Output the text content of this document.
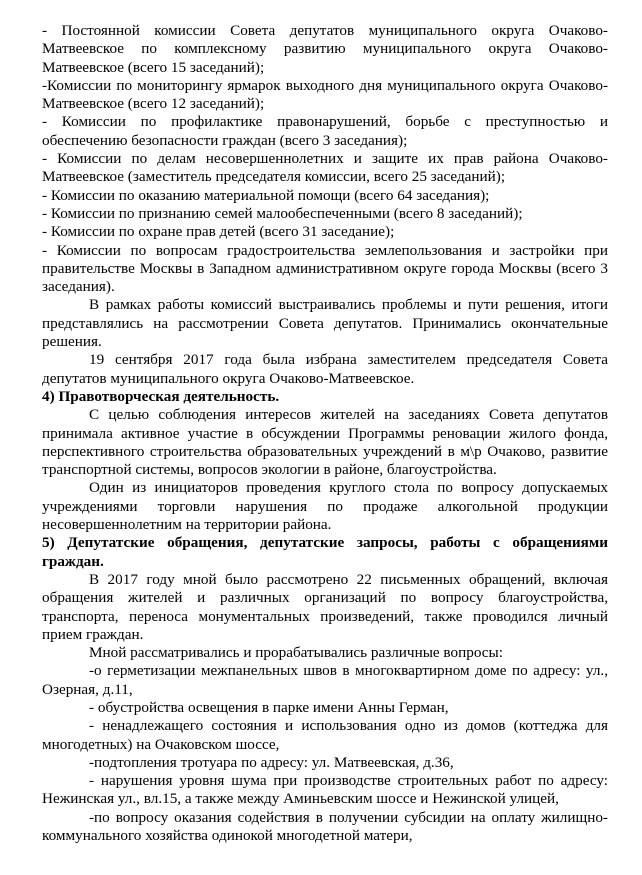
- Постоянной комиссии Совета депутатов муниципального округа Очаково-Матвеевское по комплексному развитию муниципального округа Очаково-Матвеевское (всего 15 заседаний);

-Комиссии по мониторингу ярмарок выходного дня муниципального округа Очаково-Матвеевское (всего 12 заседаний);

- Комиссии по профилактике правонарушений, борьбе с преступностью и обеспечению безопасности граждан (всего 3 заседания);

- Комиссии по делам несовершеннолетних и защите их прав района Очаково-Матвеевское (заместитель председателя комиссии, всего 25 заседаний);

- Комиссии по оказанию материальной помощи (всего 64 заседания);

- Комиссии по признанию семей малообеспеченными (всего 8 заседаний);

- Комиссии по охране прав детей (всего 31 заседание);

- Комиссии по вопросам градостроительства землепользования и застройки при правительстве Москвы в Западном административном округе города Москвы (всего 3 заседания).

В рамках работы комиссий выстраивались проблемы и пути решения, итоги представлялись на рассмотрении Совета депутатов. Принимались окончательные решения.

19 сентября 2017 года была избрана заместителем председателя Совета депутатов муниципального округа Очаково-Матвеевское.

4) Правотворческая деятельность.

С целью соблюдения интересов жителей на заседаниях Совета депутатов принимала активное участие в обсуждении Программы реновации жилого фонда, перспективного строительства образовательных учреждений в м\р Очаково, развитие транспортной системы, вопросов экологии в районе, благоустройства.

Один из инициаторов проведения круглого стола по вопросу допускаемых учреждениями торговли нарушения по продаже алкогольной продукции несовершеннолетним на территории района.

5) Депутатские обращения, депутатские запросы, работы с обращениями граждан.

В 2017 году мной было рассмотрено 22 письменных обращений, включая обращения жителей и различных организаций по вопросу благоустройства, транспорта, переноса монументальных произведений, также проводился личный прием граждан.

Мной рассматривались и прорабатывались различные вопросы:

-о герметизации межпанельных швов в многоквартирном доме по адресу: ул., Озерная, д.11,

- обустройства освещения в парке имени Анны Герман,

- ненадлежащего состояния и использования одно из домов (коттеджа для многодетных) на Очаковском шоссе,

-подтопления тротуара по адресу: ул. Матвеевская, д.36,

- нарушения уровня шума при производстве строительных работ по адресу: Нежинская ул., вл.15, а также между Аминьевским шоссе и Нежинской улицей,

-по вопросу оказания содействия в получении субсидии на оплату жилищно-коммунального хозяйства одинокой многодетной матери,
